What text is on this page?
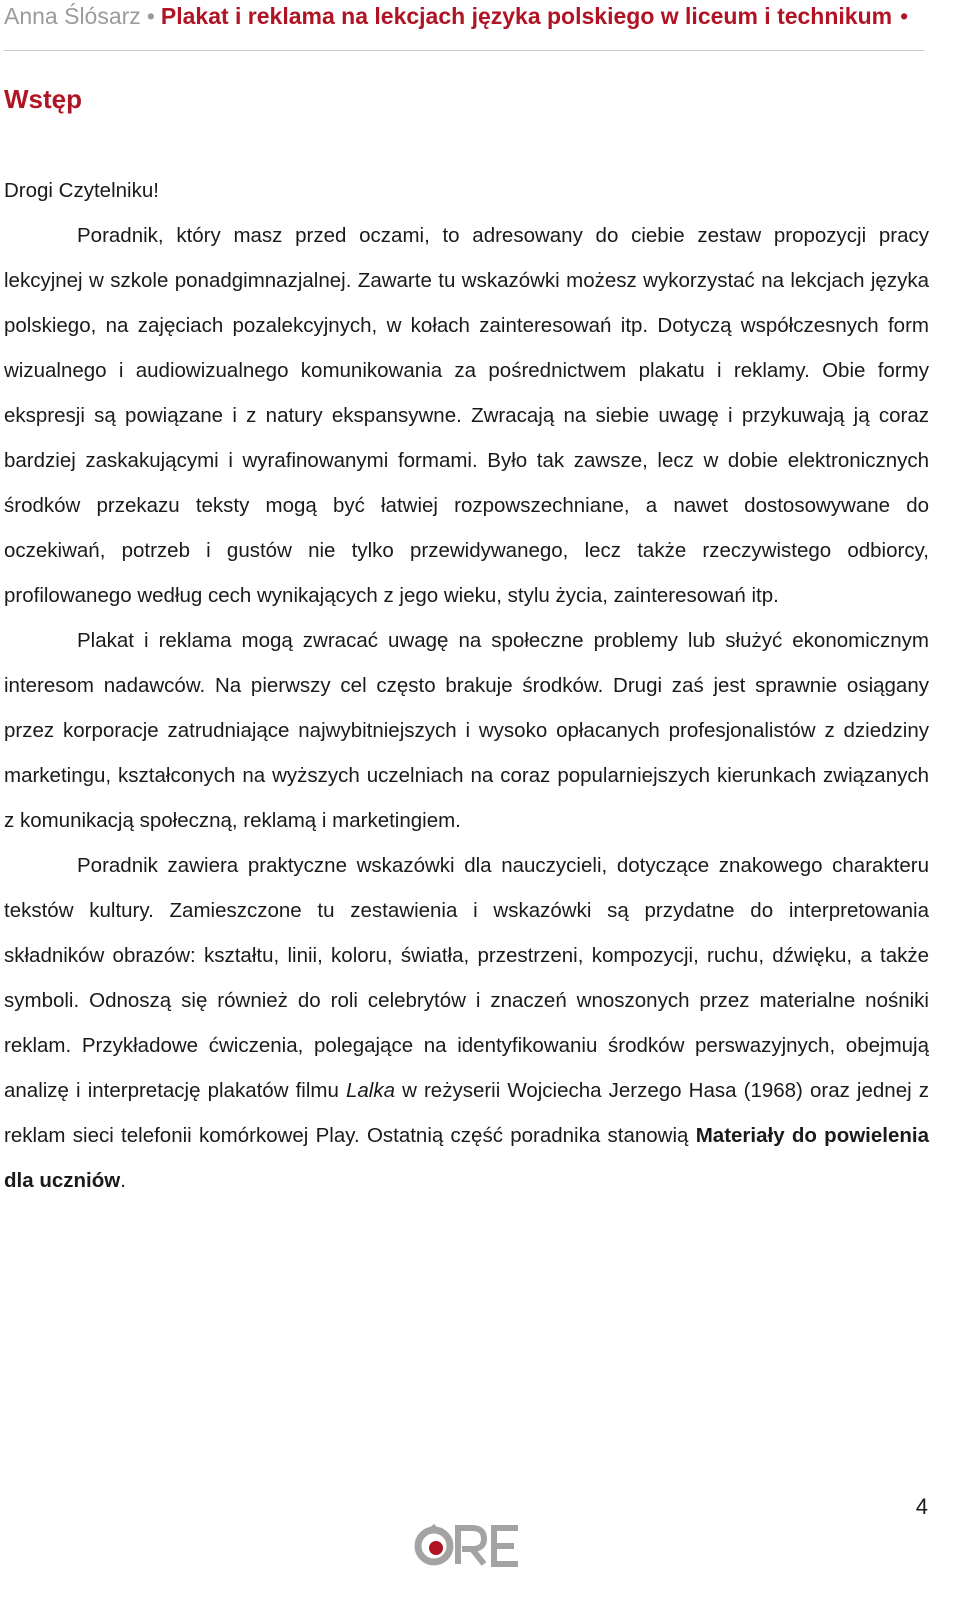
Anna Ślósarz • Plakat i reklama na lekcjach języka polskiego w liceum i technikum •
Wstęp

Drogi Czytelniku!

Poradnik, który masz przed oczami, to adresowany do ciebie zestaw propozycji pracy lekcyjnej w szkole ponadgimnazjalnej. Zawarte tu wskazówki możesz wykorzystać na lekcjach języka polskiego, na zajęciach pozalekcyjnych, w kołach zainteresowań itp. Dotyczą współczesnych form wizualnego i audiowizualnego komunikowania za pośrednictwem plakatu i reklamy. Obie formy ekspresji są powiązane i z natury ekspansywne. Zwracają na siebie uwagę i przykuwają ją coraz bardziej zaskakującymi i wyrafinowanymi formami. Było tak zawsze, lecz w dobie elektronicznych środków przekazu teksty mogą być łatwiej rozpowszechniane, a nawet dostosowywane do oczekiwań, potrzeb i gustów nie tylko przewidywanego, lecz także rzeczywistego odbiorcy, profilowanego według cech wynikających z jego wieku, stylu życia, zainteresowań itp.

Plakat i reklama mogą zwracać uwagę na społeczne problemy lub służyć ekonomicznym interesom nadawców. Na pierwszy cel często brakuje środków. Drugi zaś jest sprawnie osiągany przez korporacje zatrudniające najwybitniejszych i wysoko opłacanych profesjonalistów z dziedziny marketingu, kształconych na wyższych uczelniach na coraz popularniejszych kierunkach związanych z komunikacją społeczną, reklamą i marketingiem.

Poradnik zawiera praktyczne wskazówki dla nauczycieli, dotyczące znakowego charakteru tekstów kultury. Zamieszczone tu zestawienia i wskazówki są przydatne do interpretowania składników obrazów: kształtu, linii, koloru, światła, przestrzeni, kompozycji, ruchu, dźwięku, a także symboli. Odnoszą się również do roli celebrytów i znaczeń wnoszonych przez materialne nośniki reklam. Przykładowe ćwiczenia, polegające na identyfikowaniu środków perswazyjnych, obejmują analizę i interpretację plakatów filmu Lalka w reżyserii Wojciecha Jerzego Hasa (1968) oraz jednej z reklam sieci telefonii komórkowej Play. Ostatnią część poradnika stanowią Materiały do powielenia dla uczniów.

4
